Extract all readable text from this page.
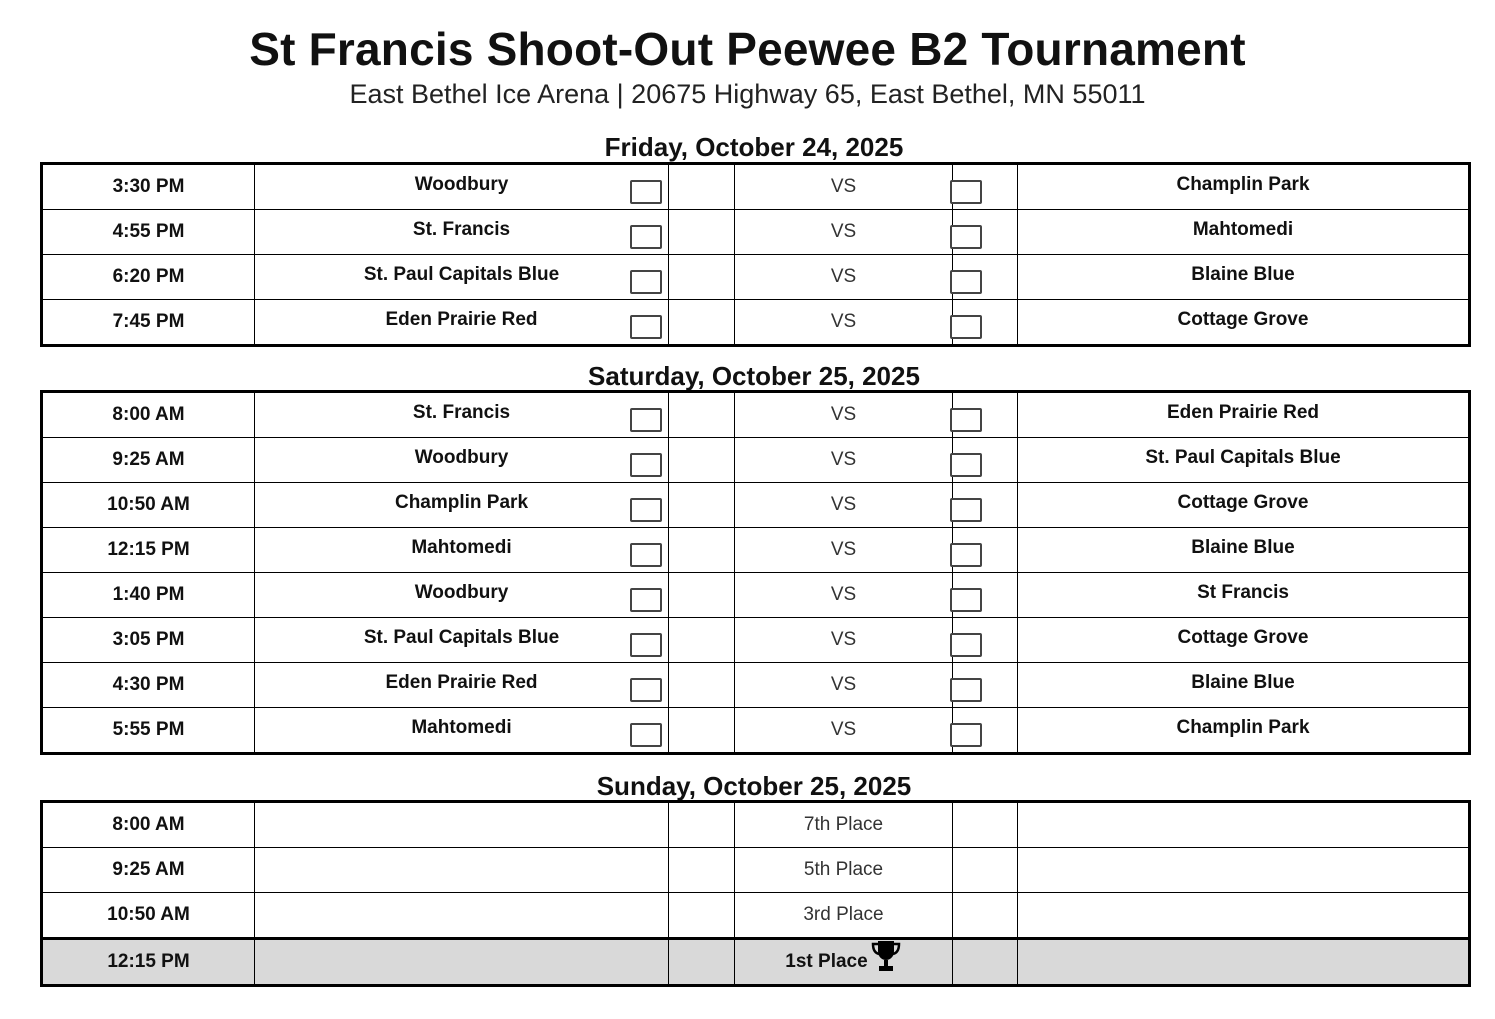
St Francis Shoot-Out Peewee B2 Tournament
East Bethel Ice Arena | 20675 Highway 65, East Bethel, MN 55011
Friday, October 24, 2025
3:30 PM	Woodbury		VS		Champlin Park
4:55 PM	St. Francis		VS		Mahtomedi
6:20 PM	St. Paul Capitals Blue		VS		Blaine Blue
7:45 PM	Eden Prairie Red		VS		Cottage Grove
Saturday, October 25, 2025
8:00 AM	St. Francis		VS		Eden Prairie Red
9:25 AM	Woodbury		VS		St. Paul Capitals Blue
10:50 AM	Champlin Park		VS		Cottage Grove
12:15 PM	Mahtomedi		VS		Blaine Blue
1:40 PM	Woodbury		VS		St Francis
3:05 PM	St. Paul Capitals Blue		VS		Cottage Grove
4:30 PM	Eden Prairie Red		VS		Blaine Blue
5:55 PM	Mahtomedi		VS		Champlin Park
Sunday, October 25, 2025
8:00 AM			7th Place		
9:25 AM			5th Place		
10:50 AM			3rd Place		
12:15 PM			1st Place		
